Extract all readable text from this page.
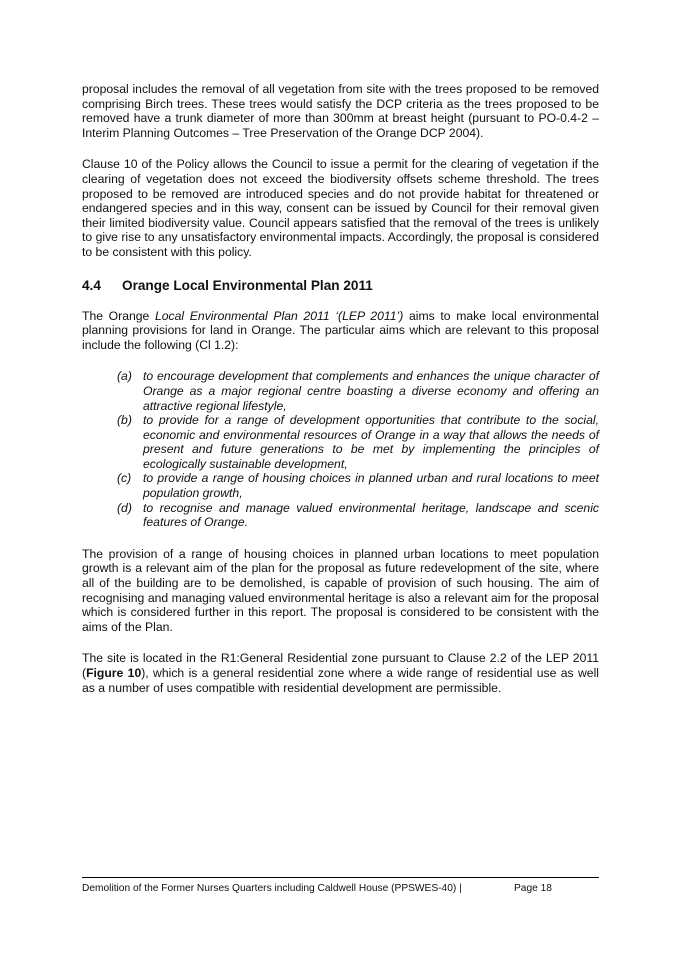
proposal includes the removal of all vegetation from site with the trees proposed to be removed comprising Birch trees. These trees would satisfy the DCP criteria as the trees proposed to be removed have a trunk diameter of more than 300mm at breast height (pursuant to PO-0.4-2 – Interim Planning Outcomes – Tree Preservation of the Orange DCP 2004).

Clause 10 of the Policy allows the Council to issue a permit for the clearing of vegetation if the clearing of vegetation does not exceed the biodiversity offsets scheme threshold. The trees proposed to be removed are introduced species and do not provide habitat for threatened or endangered species and in this way, consent can be issued by Council for their removal given their limited biodiversity value. Council appears satisfied that the removal of the trees is unlikely to give rise to any unsatisfactory environmental impacts. Accordingly, the proposal is considered to be consistent with this policy.

4.4 Orange Local Environmental Plan 2011

The Orange Local Environmental Plan 2011 ‘(LEP 2011’) aims to make local environmental planning provisions for land in Orange. The particular aims which are relevant to this proposal include the following (Cl 1.2):

(a) to encourage development that complements and enhances the unique character of Orange as a major regional centre boasting a diverse economy and offering an attractive regional lifestyle,
(b) to provide for a range of development opportunities that contribute to the social, economic and environmental resources of Orange in a way that allows the needs of present and future generations to be met by implementing the principles of ecologically sustainable development,
(c) to provide a range of housing choices in planned urban and rural locations to meet population growth,
(d) to recognise and manage valued environmental heritage, landscape and scenic features of Orange.

The provision of a range of housing choices in planned urban locations to meet population growth is a relevant aim of the plan for the proposal as future redevelopment of the site, where all of the building are to be demolished, is capable of provision of such housing. The aim of recognising and managing valued environmental heritage is also a relevant aim for the proposal which is considered further in this report. The proposal is considered to be consistent with the aims of the Plan.

The site is located in the R1:General Residential zone pursuant to Clause 2.2 of the LEP 2011 (Figure 10), which is a general residential zone where a wide range of residential use as well as a number of uses compatible with residential development are permissible.

Demolition of the Former Nurses Quarters including Caldwell House (PPSWES-40) |	Page 18
